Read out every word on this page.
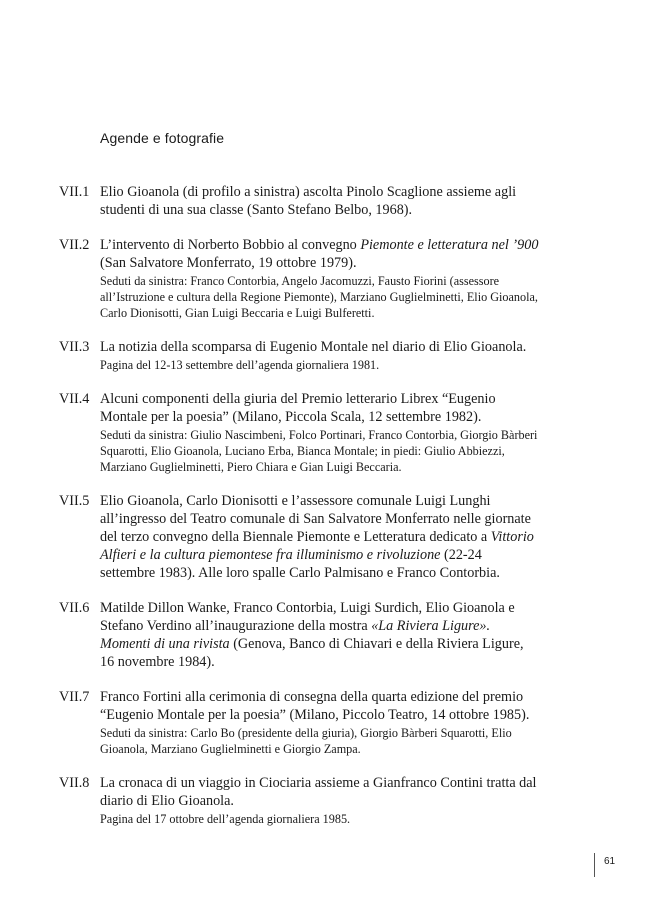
Agende e fotografie
VII.1 Elio Gioanola (di profilo a sinistra) ascolta Pinolo Scaglione assieme agli studenti di una sua classe (Santo Stefano Belbo, 1968).
VII.2 L’intervento di Norberto Bobbio al convegno Piemonte e letteratura nel ’900 (San Salvatore Monferrato, 19 ottobre 1979).
Seduti da sinistra: Franco Contorbia, Angelo Jacomuzzi, Fausto Fiorini (assessore all’Istruzione e cultura della Regione Piemonte), Marziano Guglielminetti, Elio Gioanola, Carlo Dionisotti, Gian Luigi Beccaria e Luigi Bulferetti.
VII.3 La notizia della scomparsa di Eugenio Montale nel diario di Elio Gioanola.
Pagina del 12-13 settembre dell’agenda giornaliera 1981.
VII.4 Alcuni componenti della giuria del Premio letterario Librex “Eugenio Montale per la poesia” (Milano, Piccola Scala, 12 settembre 1982).
Seduti da sinistra: Giulio Nascimbeni, Folco Portinari, Franco Contorbia, Giorgio Bàrberi Squarotti, Elio Gioanola, Luciano Erba, Bianca Montale; in piedi: Giulio Abbiezzi, Marziano Guglielminetti, Piero Chiara e Gian Luigi Beccaria.
VII.5 Elio Gioanola, Carlo Dionisotti e l’assessore comunale Luigi Lunghi all’ingresso del Teatro comunale di San Salvatore Monferrato nelle giornate del terzo convegno della Biennale Piemonte e Letteratura dedicato a Vittorio Alfieri e la cultura piemontese fra illuminismo e rivoluzione (22-24 settembre 1983). Alle loro spalle Carlo Palmisano e Franco Contorbia.
VII.6 Matilde Dillon Wanke, Franco Contorbia, Luigi Surdich, Elio Gioanola e Stefano Verdino all’inaugurazione della mostra «La Riviera Ligure». Momenti di una rivista (Genova, Banco di Chiavari e della Riviera Ligure, 16 novembre 1984).
VII.7 Franco Fortini alla cerimonia di consegna della quarta edizione del premio “Eugenio Montale per la poesia” (Milano, Piccolo Teatro, 14 ottobre 1985).
Seduti da sinistra: Carlo Bo (presidente della giuria), Giorgio Bàrberi Squarotti, Elio Gioanola, Marziano Guglielminetti e Giorgio Zampa.
VII.8 La cronaca di un viaggio in Ciociaria assieme a Gianfranco Contini tratta dal diario di Elio Gioanola.
Pagina del 17 ottobre dell’agenda giornaliera 1985.
61
